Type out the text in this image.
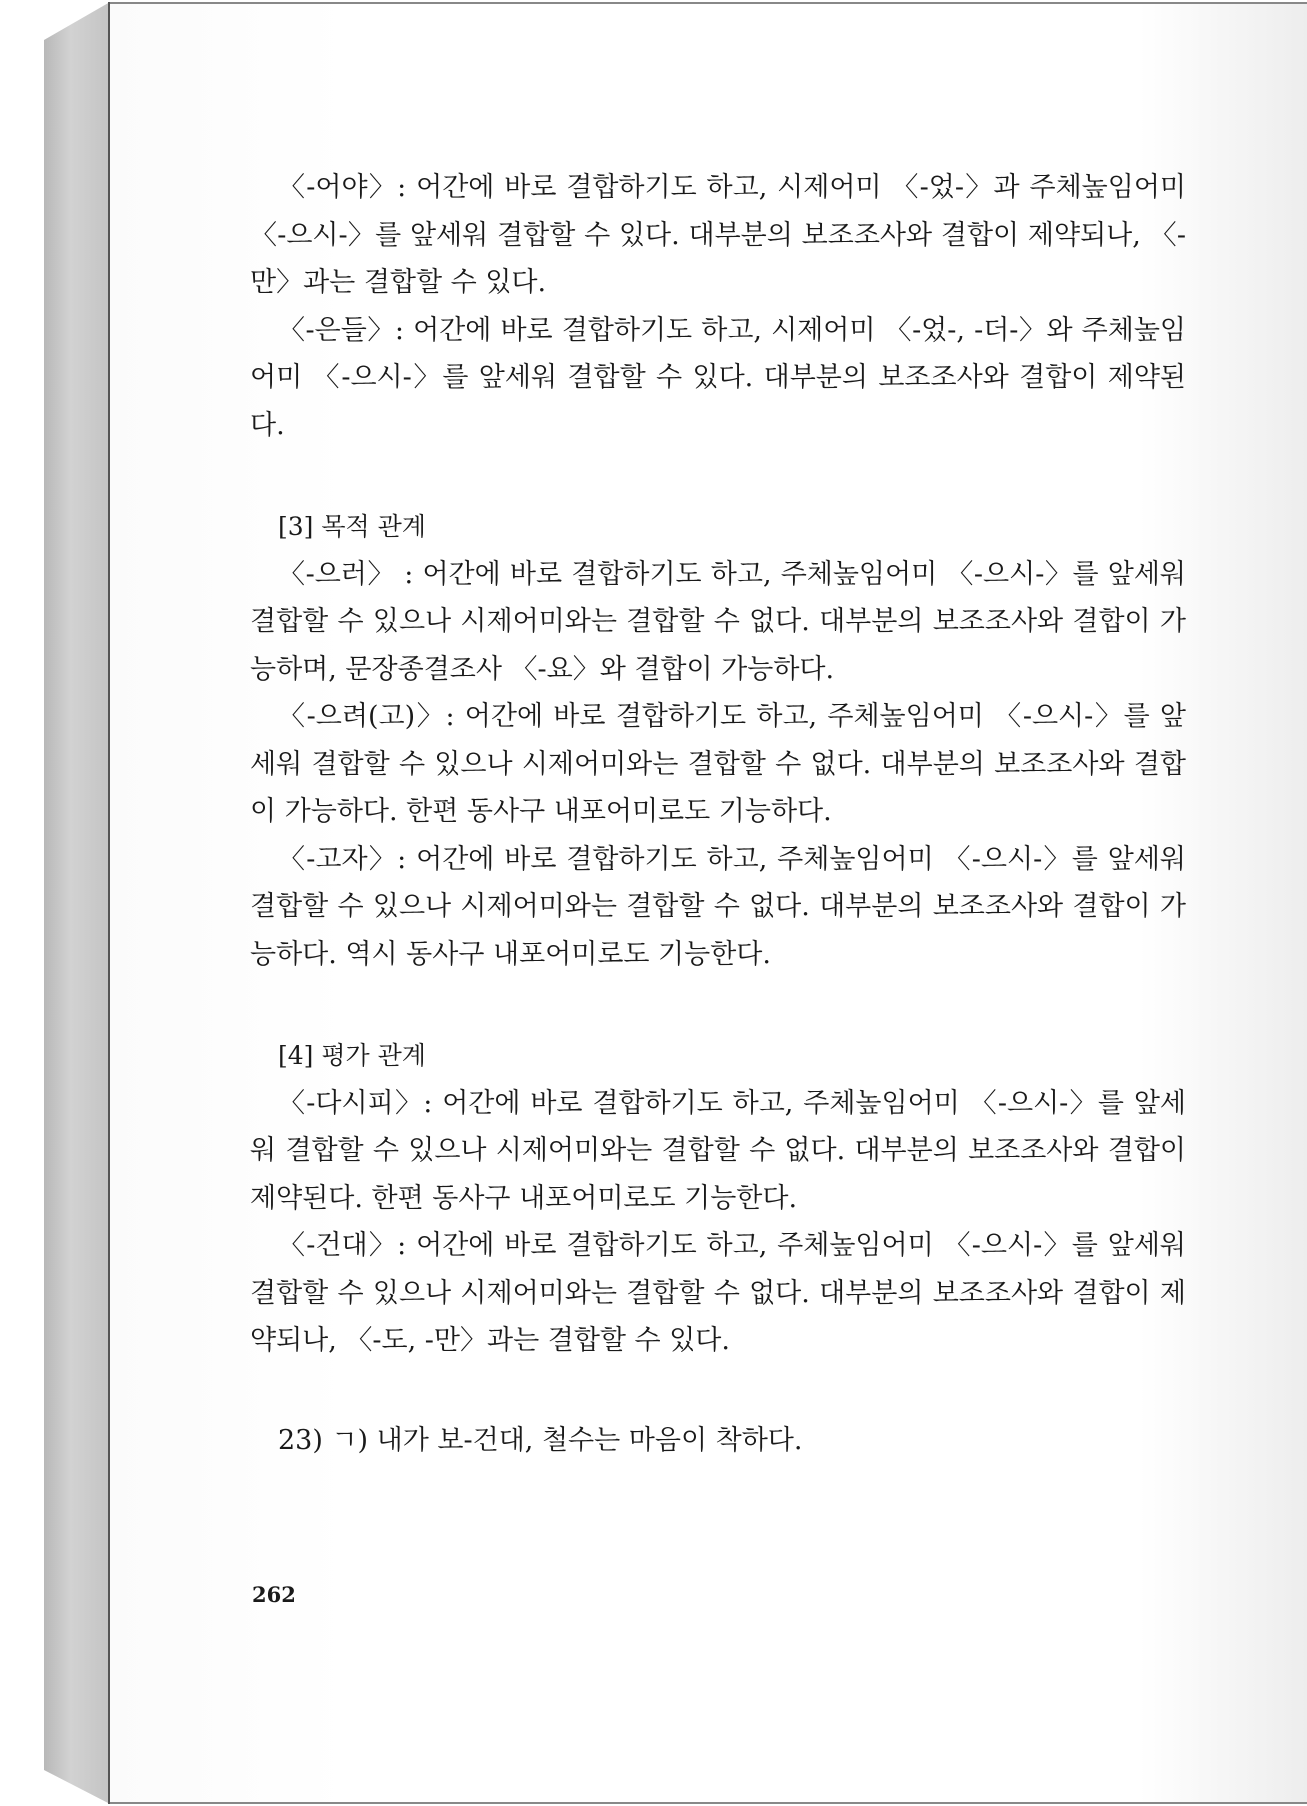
〈-어야〉: 어간에 바로 결합하기도 하고, 시제어미 〈-었-〉과 주체높임어미 〈-으시-〉를 앞세워 결합할 수 있다. 대부분의 보조조사와 결합이 제약되나, 〈-만〉과는 결합할 수 있다.

〈-은들〉: 어간에 바로 결합하기도 하고, 시제어미 〈-었-, -더-〉와 주체높임어미 〈-으시-〉를 앞세워 결합할 수 있다. 대부분의 보조조사와 결합이 제약된다.

[3] 목적 관계

〈-으러〉 : 어간에 바로 결합하기도 하고, 주체높임어미 〈-으시-〉를 앞세워 결합할 수 있으나 시제어미와는 결합할 수 없다. 대부분의 보조조사와 결합이 가능하며, 문장종결조사 〈-요〉와 결합이 가능하다.

〈-으려(고)〉: 어간에 바로 결합하기도 하고, 주체높임어미 〈-으시-〉를 앞세워 결합할 수 있으나 시제어미와는 결합할 수 없다. 대부분의 보조조사와 결합이 가능하다. 한편 동사구 내포어미로도 기능하다.

〈-고자〉: 어간에 바로 결합하기도 하고, 주체높임어미 〈-으시-〉를 앞세워 결합할 수 있으나 시제어미와는 결합할 수 없다. 대부분의 보조조사와 결합이 가능하다. 역시 동사구 내포어미로도 기능한다.

[4] 평가 관계

〈-다시피〉: 어간에 바로 결합하기도 하고, 주체높임어미 〈-으시-〉를 앞세워 결합할 수 있으나 시제어미와는 결합할 수 없다. 대부분의 보조조사와 결합이 제약된다. 한편 동사구 내포어미로도 기능한다.

〈-건대〉: 어간에 바로 결합하기도 하고, 주체높임어미 〈-으시-〉를 앞세워 결합할 수 있으나 시제어미와는 결합할 수 없다. 대부분의 보조조사와 결합이 제약되나, 〈-도, -만〉과는 결합할 수 있다.

23) ㄱ) 내가 보-건대, 철수는 마음이 착하다.

262
